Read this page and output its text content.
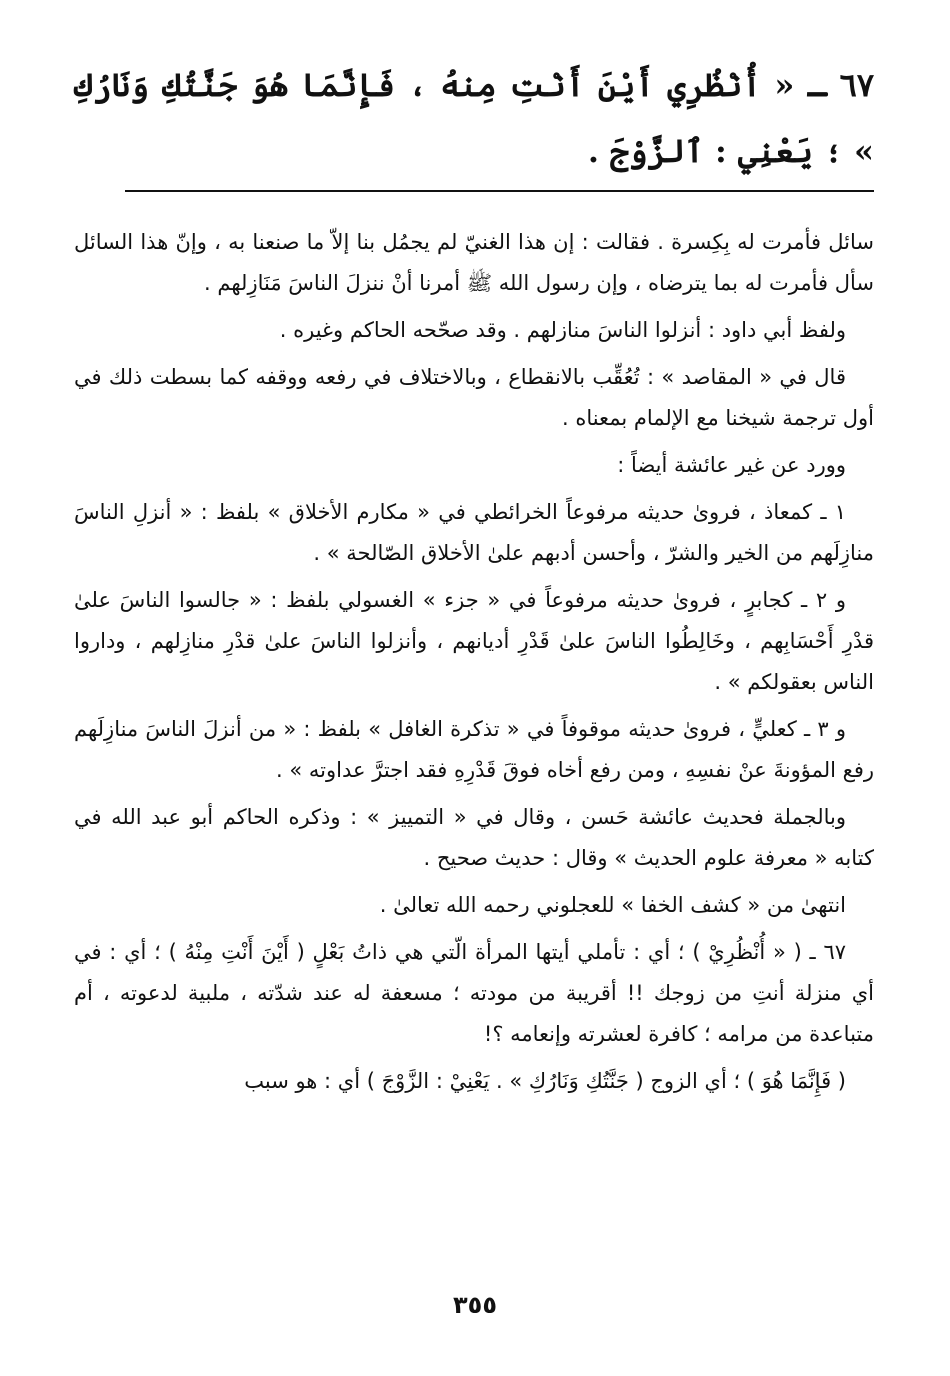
٦٧ ـ « أُنْظُرِي أَيْنَ أَنْتِ مِنهُ ، فَإِنَّمَا هُوَ جَنَّتُكِ وَنَارُكِ » ؛ يَعْنِي : ٱلزَّوْجَ .

سائل فأمرت له بِكِسرة . فقالت : إن هذا الغنيّ لم يجمُل بنا إلاّ ما صنعنا به ، وإنّ هذا السائل سأل فأمرت له بما يترضاه ، وإن رسول الله ﷺ أمرنا أنْ ننزلَ الناسَ مَنَازِلهم .

ولفظ أبي داود : أنزلوا الناسَ منازلهم . وقد صحّحه الحاكم وغيره .

قال في « المقاصد » : تُعُقِّب بالانقطاع ، وبالاختلاف في رفعه ووقفه كما بسطت ذلك في أول ترجمة شيخنا مع الإلمام بمعناه .

وورد عن غير عائشة أيضاً :

١ ـ كمعاذ ، فروىٰ حديثه مرفوعاً الخرائطي في « مكارم الأخلاق » بلفظ : « أنزلِ الناسَ منازِلَهم من الخير والشرّ ، وأحسن أدبهم علىٰ الأخلاق الصّالحة » .

و ٢ ـ كجابرٍ ، فروىٰ حديثه مرفوعاً في « جزء » الغسولي بلفظ : « جالسوا الناسَ علىٰ قدْرِ أَحْسَابِهم ، وخَالِطُوا الناسَ علىٰ قَدْرِ أديانهم ، وأنزلوا الناسَ علىٰ قدْرِ منازِلهم ، وداروا الناس بعقولكم » .

و ٣ ـ كعليٍّ ، فروىٰ حديثه موقوفاً في « تذكرة الغافل » بلفظ : « من أنزلَ الناسَ منازِلَهم رفع المؤونةَ عنْ نفسِهِ ، ومن رفع أخاه فوقَ قَدْرِهِ فقد اجترَّ عداوته » .

وبالجملة فحديث عائشة حَسن ، وقال في « التمييز » : وذكره الحاكم أبو عبد الله في كتابه « معرفة علوم الحديث » وقال : حديث صحيح .

انتهىٰ من « كشف الخفا » للعجلوني رحمه الله تعالىٰ .

٦٧ ـ ( « أُنْظُرِيْ ) ؛ أي : تأملي أيتها المرأة الّتي هي ذاتُ بَعْلٍ ( أَيْنَ أَنْتِ مِنْهُ ) ؛ أي : في أي منزلة أنتِ من زوجك !! أقريبة من مودته ؛ مسعفة له عند شدّته ، ملبية لدعوته ، أم متباعدة من مرامه ؛ كافرة لعشرته وإنعامه ؟!

( فَإِنَّمَا هُوَ ) ؛ أي الزوج ( جَنَّتُكِ وَنَارُكِ » . يَعْنِيْ : الزَّوْجَ ) أي : هو سبب

٣٥٥
